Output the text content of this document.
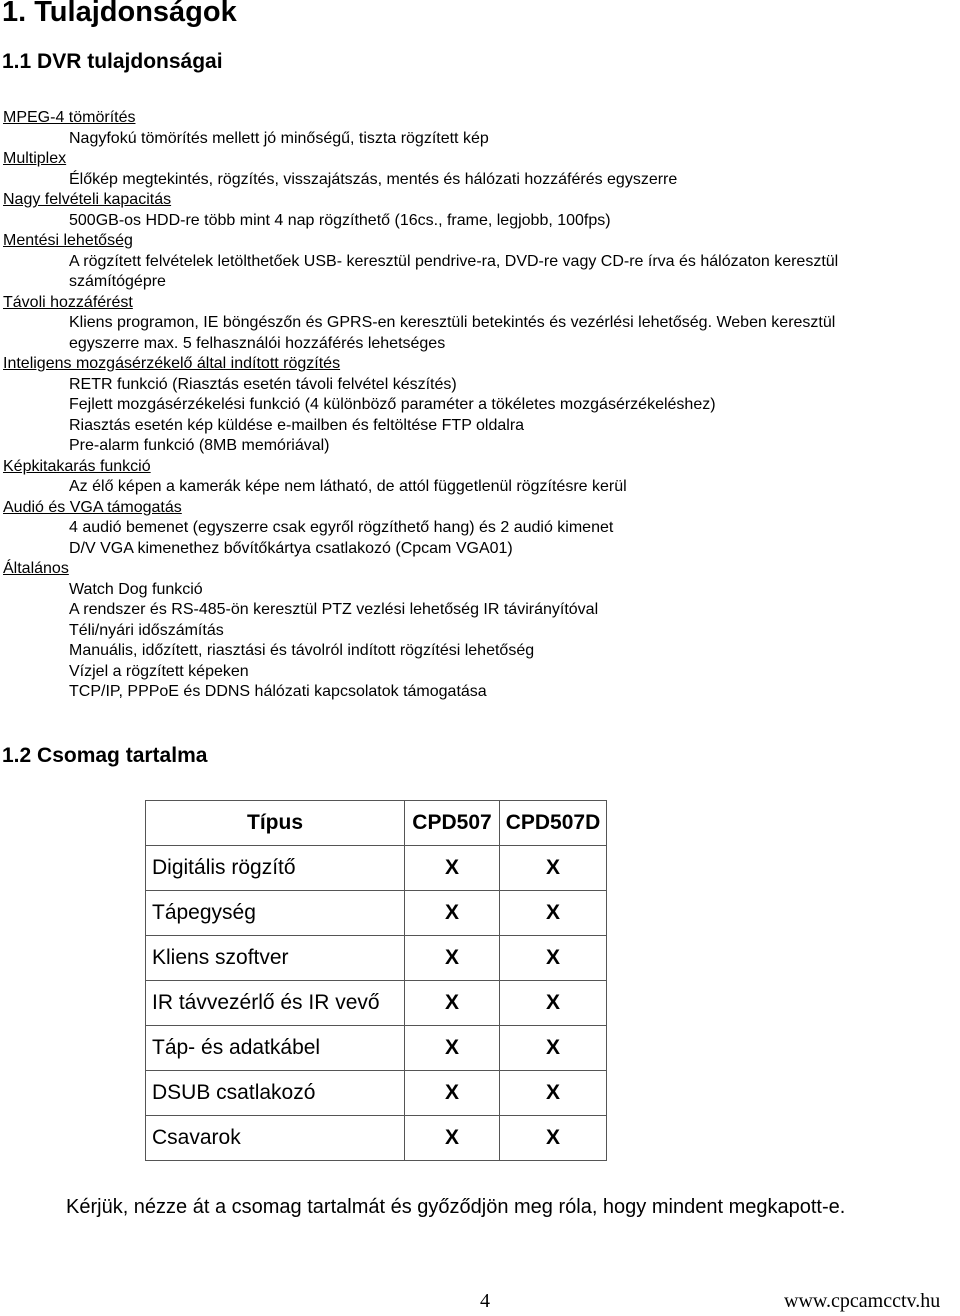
1. Tulajdonságok
1.1 DVR tulajdonságai
MPEG-4 tömörítés
Nagyfokú tömörítés mellett jó minőségű, tiszta rögzített kép
Multiplex
Élőkép megtekintés, rögzítés, visszajátszás, mentés és hálózati hozzáférés egyszerre
Nagy felvételi kapacitás
500GB-os HDD-re több mint 4 nap rögzíthető (16cs., frame, legjobb, 100fps)
Mentési lehetőség
A rögzített felvételek letölthetőek USB- keresztül pendrive-ra, DVD-re vagy CD-re írva és hálózaton keresztül
számítógépre
Távoli hozzáférést
Kliens programon, IE böngészőn és GPRS-en keresztüli betekintés és vezérlési lehetőség. Weben keresztül
egyszerre max. 5 felhasználói hozzáférés lehetséges
Inteligens mozgásérzékelő által indított rögzítés
RETR funkció (Riasztás esetén távoli felvétel készítés)
Fejlett mozgásérzékelési funkció (4 különböző paraméter a tökéletes mozgásérzékeléshez)
Riasztás esetén kép küldése e-mailben és feltöltése FTP oldalra
Pre-alarm funkció (8MB memóriával)
Képkitakarás funkció
Az élő képen a kamerák képe nem látható, de attól függetlenül rögzítésre kerül
Audió és VGA támogatás
4 audió bemenet (egyszerre csak egyről rögzíthető hang) és 2 audió kimenet
D/V VGA kimenethez bővítőkártya csatlakozó (Cpcam VGA01)
Általános
Watch Dog funkció
A rendszer és RS-485-ön keresztül PTZ vezlési lehetőség IR távirányítóval
Téli/nyári időszámítás
Manuális, időzített, riasztási és távolról indított rögzítési lehetőség
Vízjel a rögzített képeken
TCP/IP, PPPoE és DDNS hálózati kapcsolatok támogatása
1.2 Csomag tartalma
Típus	CPD507	CPD507D
Digitális rögzítő	X	X
Tápegység	X	X
Kliens szoftver	X	X
IR távvezérlő és IR vevő	X	X
Táp- és adatkábel	X	X
DSUB csatlakozó	X	X
Csavarok	X	X
Kérjük, nézze át a csomag tartalmát és győződjön meg róla, hogy mindent megkapott-e.
4	www.cpcamcctv.hu
